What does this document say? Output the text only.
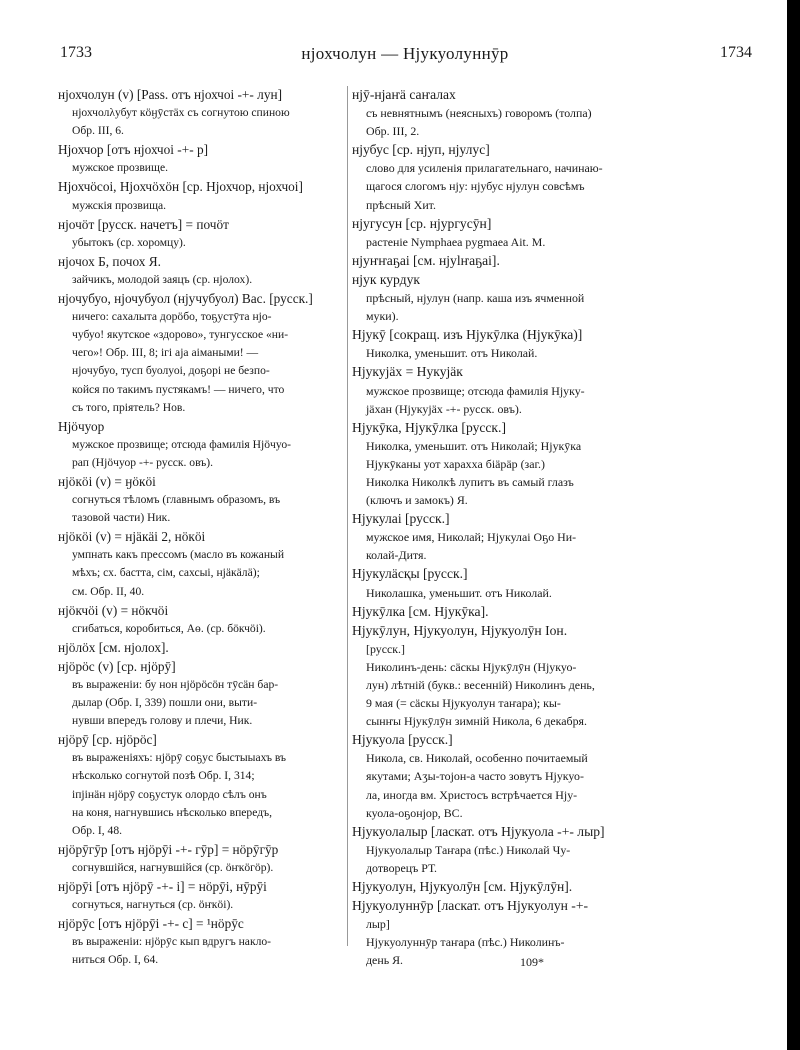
1733	нјохчолун — Нјукуолуннӯр	1734
нјохчолун (v) [Pass. отъ нјохчоі -+- лун]
нјохчолλубут кӧӈӯстӓх съ согнутою спиною
Обр. III, 6.
Нјохчор [отъ нјохчоі -+- р]
мужское прозвище.
Нјохчӧсоі, Нјохчӧхӧн [ср. Нјохчор, нјохчоі]
мужскія прозвища.
нјочӧт [русск. начетъ] = почӧт
убытокъ (ср. хоромцу).
нјочох Б, почох Я.
зайчикъ, молодой заяцъ (ср. нјолох).
нјочубуо, нјочубуол (нјучубуол) Вас. [русск.]
ничего: сахалыта дорӧбо, тоҕустӯта нјо-
чубуо! якутское «здорово», тунгусское «ни-
чего»! Обр. III, 8; ігі аја аімаными! —
нјочубуо, тусп буолуоі, доҕорі не безпо-
койся по такимъ пустякамъ! — ничего, что
съ того, пріятель? Нов.
Нјӧчуор
мужское прозвище; отсюда фамилія Нјӧчуо-
рап (Нјӧчуор -+- русск. овъ).
нјӧкӧі (v) = ӈӧкӧі
согнуться тѣломъ (главнымъ образомъ, въ
тазовой части) Ник.
нјӧкӧі (v) = нјӓкӓі 2, нӧкӧі
умпнать какъ прессомъ (масло въ кожаный
мѣхъ; сх. бастта, сім, сахсыі, нјӓкӓлӓ);
см. Обр. II, 40.
нјӧкчӧі (v) = нӧкчӧі
сгибаться, коробиться, Аө. (ср. бӧкчӧі).
нјӧлӧх [см. нјолох].
нјӧрӧс (v) [ср. нјӧрӯ]
въ выраженіи: бу нон нјӧрӧсӧн тӯсӓн бар-
дылар (Обр. I, 339) пошли они, выти-
нувши впередъ голову и плечи, Ник.
нјӧрӯ [ср. нјӧрӧс]
въ выраженіяхъ: нјӧрӯ соҕус быстыыахъ въ
нѣсколько согнутой позѣ Обр. I, 314;
іпјінӓн нјӧрӯ соҕустук олордо сѣлъ онъ
на коня, нагнувшись нѣсколько впередъ,
Обр. I, 48.
нјӧрӯгӯр [отъ нјӧрӯі -+- гӯр] = нӧрӯгӯр
согнувшійся, нагнувшійся (ср. ӧҥкӧгӧр).
нјӧрӯі [отъ нјӧрӯ -+- і] = нӧрӯі, нӯрӯі
согнуться, нагнуться (ср. ӧҥкӧі).
нјӧрӯс [отъ нјӧрӯі -+- с] = ¹нӧрӯс
въ выраженіи: нјӧрӯс кып вдругъ накло-
ниться Обр. I, 64.
нјӯ-нјаҥӓ саҥалах
съ невнятнымъ (неясныхъ) говоромъ (толпа)
Обр. III, 2.
нјубус [ср. нјуп, нјулус]
слово для усиленія прилагательнаго, начинаю-
щагося слогомъ нју: нјубус нјулун совсѣмъ
прѣсный Хит.
нјугусун [ср. нјургусӯн]
растеніе Nymphaea pygmaea Ait. М.
нјуҥҥаҕаі [см. нјуlҥаҕаі].
нјук курдук
прѣсный, нјулун (напр. каша изъ ячменной
муки).
Нјукӯ [сокращ. изъ Нјукӯлка (Нјукӯка)]
Николка, уменьшит. отъ Николай.
Нјукујӓх = Нукујӓк
мужское прозвище; отсюда фамилія Нјуку-
јӓхан (Нјукујӓх -+- русск. овъ).
Нјукӯка, Нјукӯлка [русск.]
Николка, уменьшит. отъ Николай; Нјукӯка
Нјукӯканы уот хараххa біӓрӓр (заг.)
Николка Николкѣ лупитъ въ самый глазъ
(ключъ и замокъ) Я.
Нјукулаі [русск.]
мужское имя, Николай; Нјукулаі Оҕо Ни-
колай-Дитя.
Нјукулӓсқы [русск.]
Николашка, уменьшит. отъ Николай.
Нјукӯлка [см. Нјукӯка].
Нјукӯлун, Нјукуолун, Нјукуолӯн Іон.
[русск.]
Николинъ-день: сӓскы Нјукӯлӯн (Нјукуо-
лун) лѣтній (букв.: весенній) Николинъ день,
9 мая (= сӓскы Нјукуолун таҥара); кы-
сынҥы Нјукӯлӯн зимній Никола, 6 декабря.
Нјукуола [русск.]
Никола, св. Николай, особенно почитаемый
якутами; Аӡы-тојон-а часто зовутъ Нјукуо-
лa, иногда вм. Христосъ встрѣчается Нју-
куола-оҕонјор, ВС.
Нјукуолалыр [ласкат. отъ Нјукуола -+- лыр]
Нјукуолалыр Таҥара (пѣс.) Николай Чу-
дотворецъ РТ.
Нјукуолун, Нјукуолӯн [см. Нјукӯлӯн].
Нјукуолуннӯр [ласкат. отъ Нјукуолун -+-
лыр]
Нјукуолуннӯр таҥара (пѣс.) Николинъ-
день Я.	109*
